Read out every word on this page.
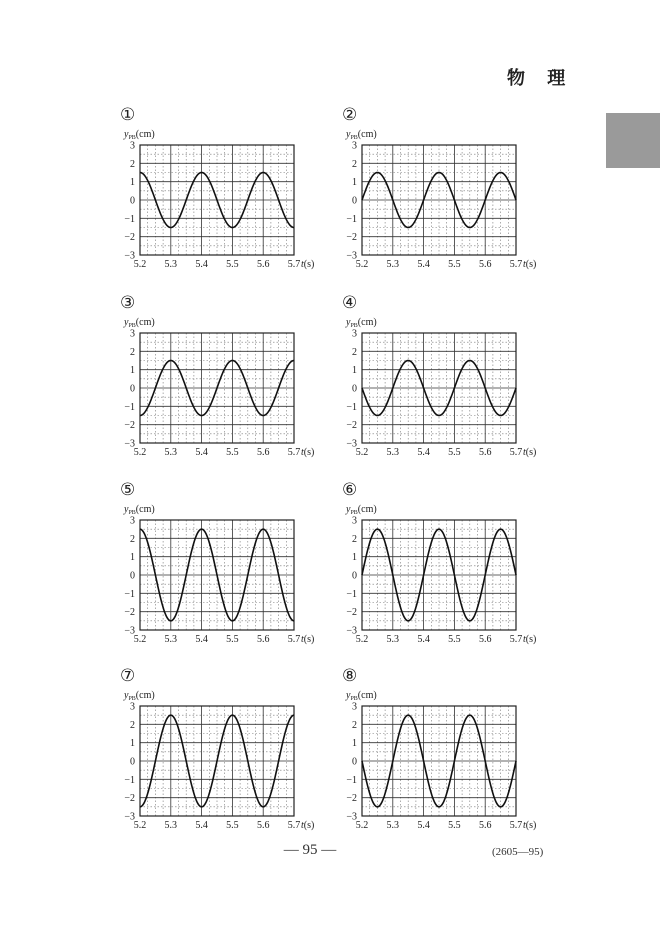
物 理
①
$y_{PB}(cm)$
3
2
1
0
−1
−2
−3
5.2 5.3 5.4 5.5 5.6 5.7 t(s)
②
$y_{PB}(cm)$
3
2
1
0
−1
−2
−3
5.2 5.3 5.4 5.5 5.6 5.7 t(s)
③
$y_{PB}(cm)$
3
2
1
0
−1
−2
−3
5.2 5.3 5.4 5.5 5.6 5.7 t(s)
④
$y_{PB}(cm)$
3
2
1
0
−1
−2
−3
5.2 5.3 5.4 5.5 5.6 5.7 t(s)
⑤
$y_{PB}(cm)$
3
2
1
0
−1
−2
−3
5.2 5.3 5.4 5.5 5.6 5.7 t(s)
⑥
$y_{PB}(cm)$
3
2
1
0
−1
−2
−3
5.2 5.3 5.4 5.5 5.6 5.7 t(s)
⑦
$y_{PB}(cm)$
3
2
1
0
−1
−2
−3
5.2 5.3 5.4 5.5 5.6 5.7 t(s)
⑧
$y_{PB}(cm)$
3
2
1
0
−1
−2
−3
5.2 5.3 5.4 5.5 5.6 5.7 t(s)
— 95 —	(2605—95)
